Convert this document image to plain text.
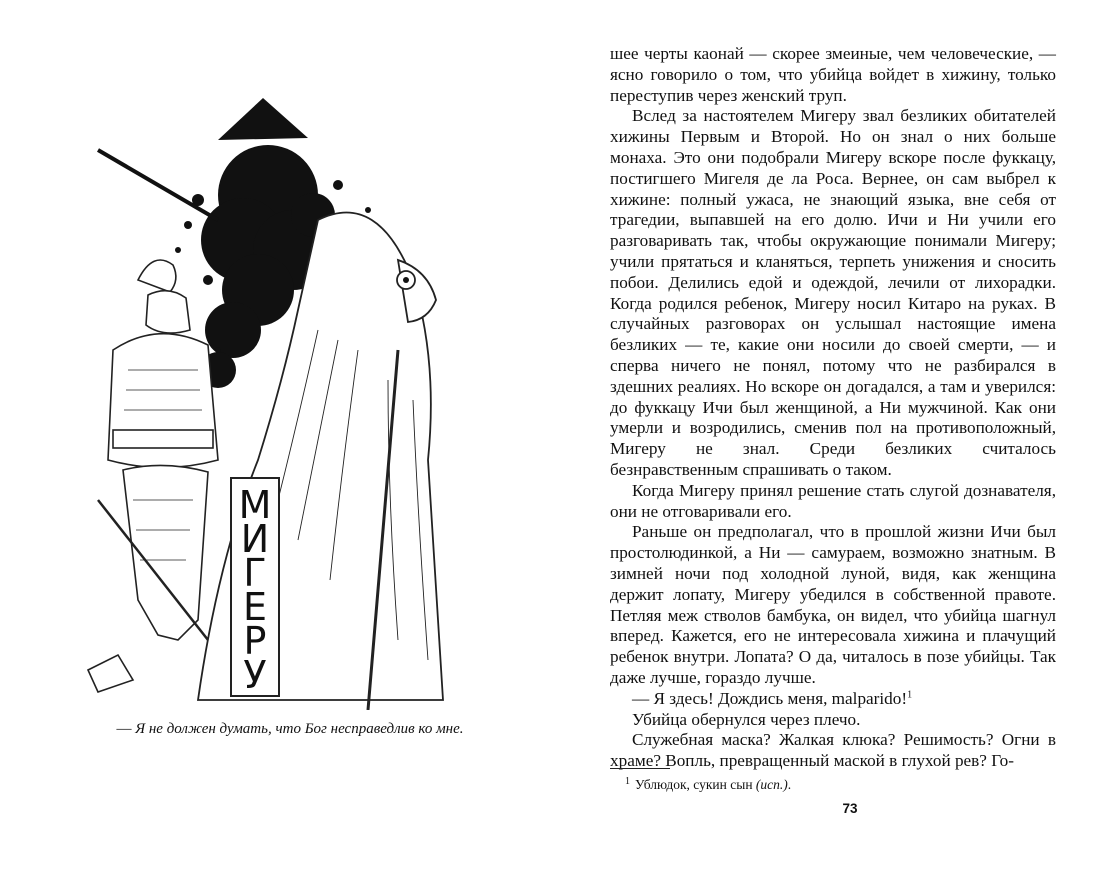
М
И
Г
Е
Р
У
— Я не должен думать, что Бог несправедлив ко мне.

шее черты каонай — скорее змеиные, чем человеческие, — ясно говорило о том, что убийца войдет в хижину, только переступив через женский труп.

Вслед за настоятелем Мигеру звал безликих обитателей хижины Первым и Второй. Но он знал о них больше монаха. Это они подобрали Мигеру вскоре после фуккацу, постигшего Мигеля де ла Роса. Вернее, он сам выбрел к хижине: полный ужаса, не знающий языка, вне себя от трагедии, выпавшей на его долю. Ичи и Ни учили его разговаривать так, чтобы окружающие понимали Мигеру; учили прятаться и кланяться, терпеть унижения и сносить побои. Делились едой и одеждой, лечили от лихорадки. Когда родился ребенок, Мигеру носил Китаро на руках. В случайных разговорах он услышал настоящие имена безликих — те, какие они носили до своей смерти, — и сперва ничего не понял, потому что не разбирался в здешних реалиях. Но вскоре он догадался, а там и уверился: до фуккацу Ичи был женщиной, а Ни мужчиной. Как они умерли и возродились, сменив пол на противоположный, Мигеру не знал. Среди безликих считалось безнравственным спрашивать о таком.

Когда Мигеру принял решение стать слугой дознавателя, они не отговаривали его.

Раньше он предполагал, что в прошлой жизни Ичи был простолюдинкой, а Ни — самураем, возможно знатным. В зимней ночи под холодной луной, видя, как женщина держит лопату, Мигеру убедился в собственной правоте. Петляя меж стволов бамбука, он видел, что убийца шагнул вперед. Кажется, его не интересовала хижина и плачущий ребенок внутри. Лопата? О да, читалось в позе убийцы. Так даже лучше, гораздо лучше.

— Я здесь! Дождись меня, malparido!$^1$

Убийца обернулся через плечо.

Служебная маска? Жалкая клюка? Решимость? Огни в храме? Вопль, превращенный маской в глухой рев? Го-

$^1$ Ублюдок, сукин сын (исп.).
73
